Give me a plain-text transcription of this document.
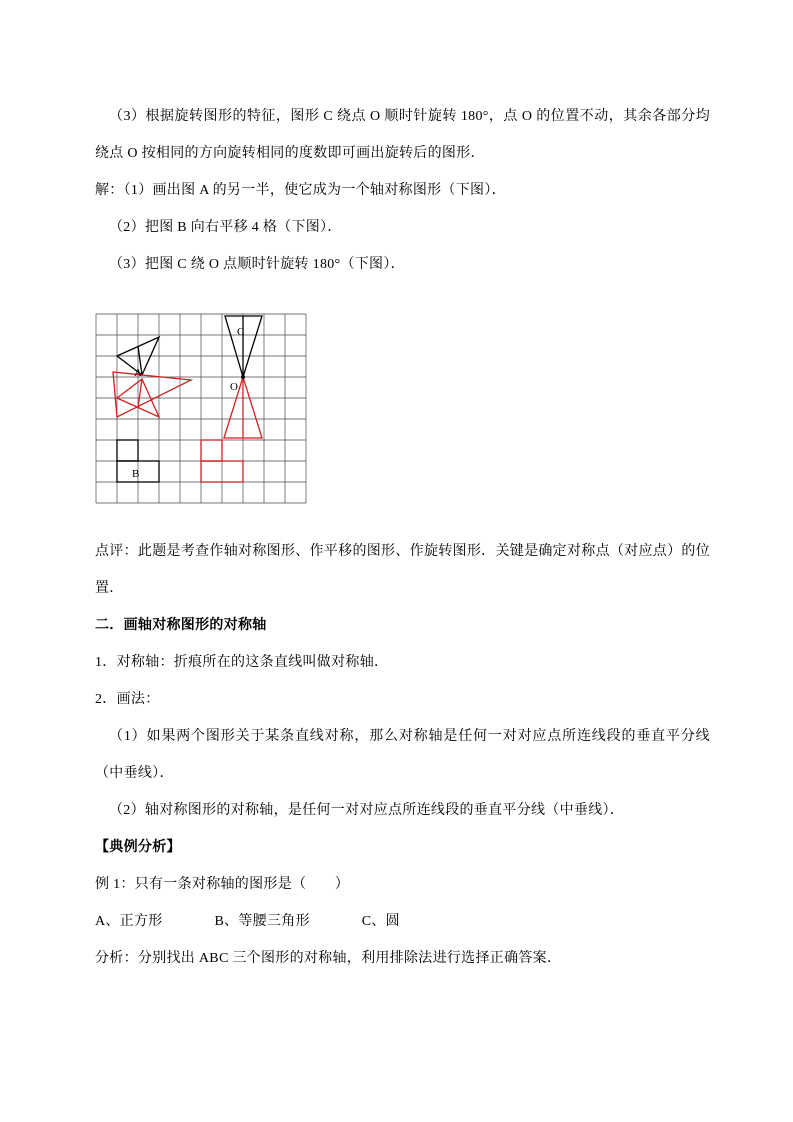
（3）根据旋转图形的特征，图形 C 绕点 O 顺时针旋转 180°，点 O 的位置不动，其余各部分均绕点 O 按相同的方向旋转相同的度数即可画出旋转后的图形．

解：（1）画出图 A 的另一半，使它成为一个轴对称图形（下图）．

（2）把图 B 向右平移 4 格（下图）．

（3）把图 C 绕 O 点顺时针旋转 180°（下图）．

A
B
C
O

点评：此题是考查作轴对称图形、作平移的图形、作旋转图形．关键是确定对称点（对应点）的位置．

二．画轴对称图形的对称轴

1．对称轴：折痕所在的这条直线叫做对称轴．

2．画法：

（1）如果两个图形关于某条直线对称，那么对称轴是任何一对对应点所连线段的垂直平分线（中垂线）．

（2）轴对称图形的对称轴，是任何一对对应点所连线段的垂直平分线（中垂线）．

【典例分析】

例 1：只有一条对称轴的图形是（　　）

A、正方形	B、等腰三角形	C、圆

分析：分别找出 ABC 三个图形的对称轴，利用排除法进行选择正确答案．
